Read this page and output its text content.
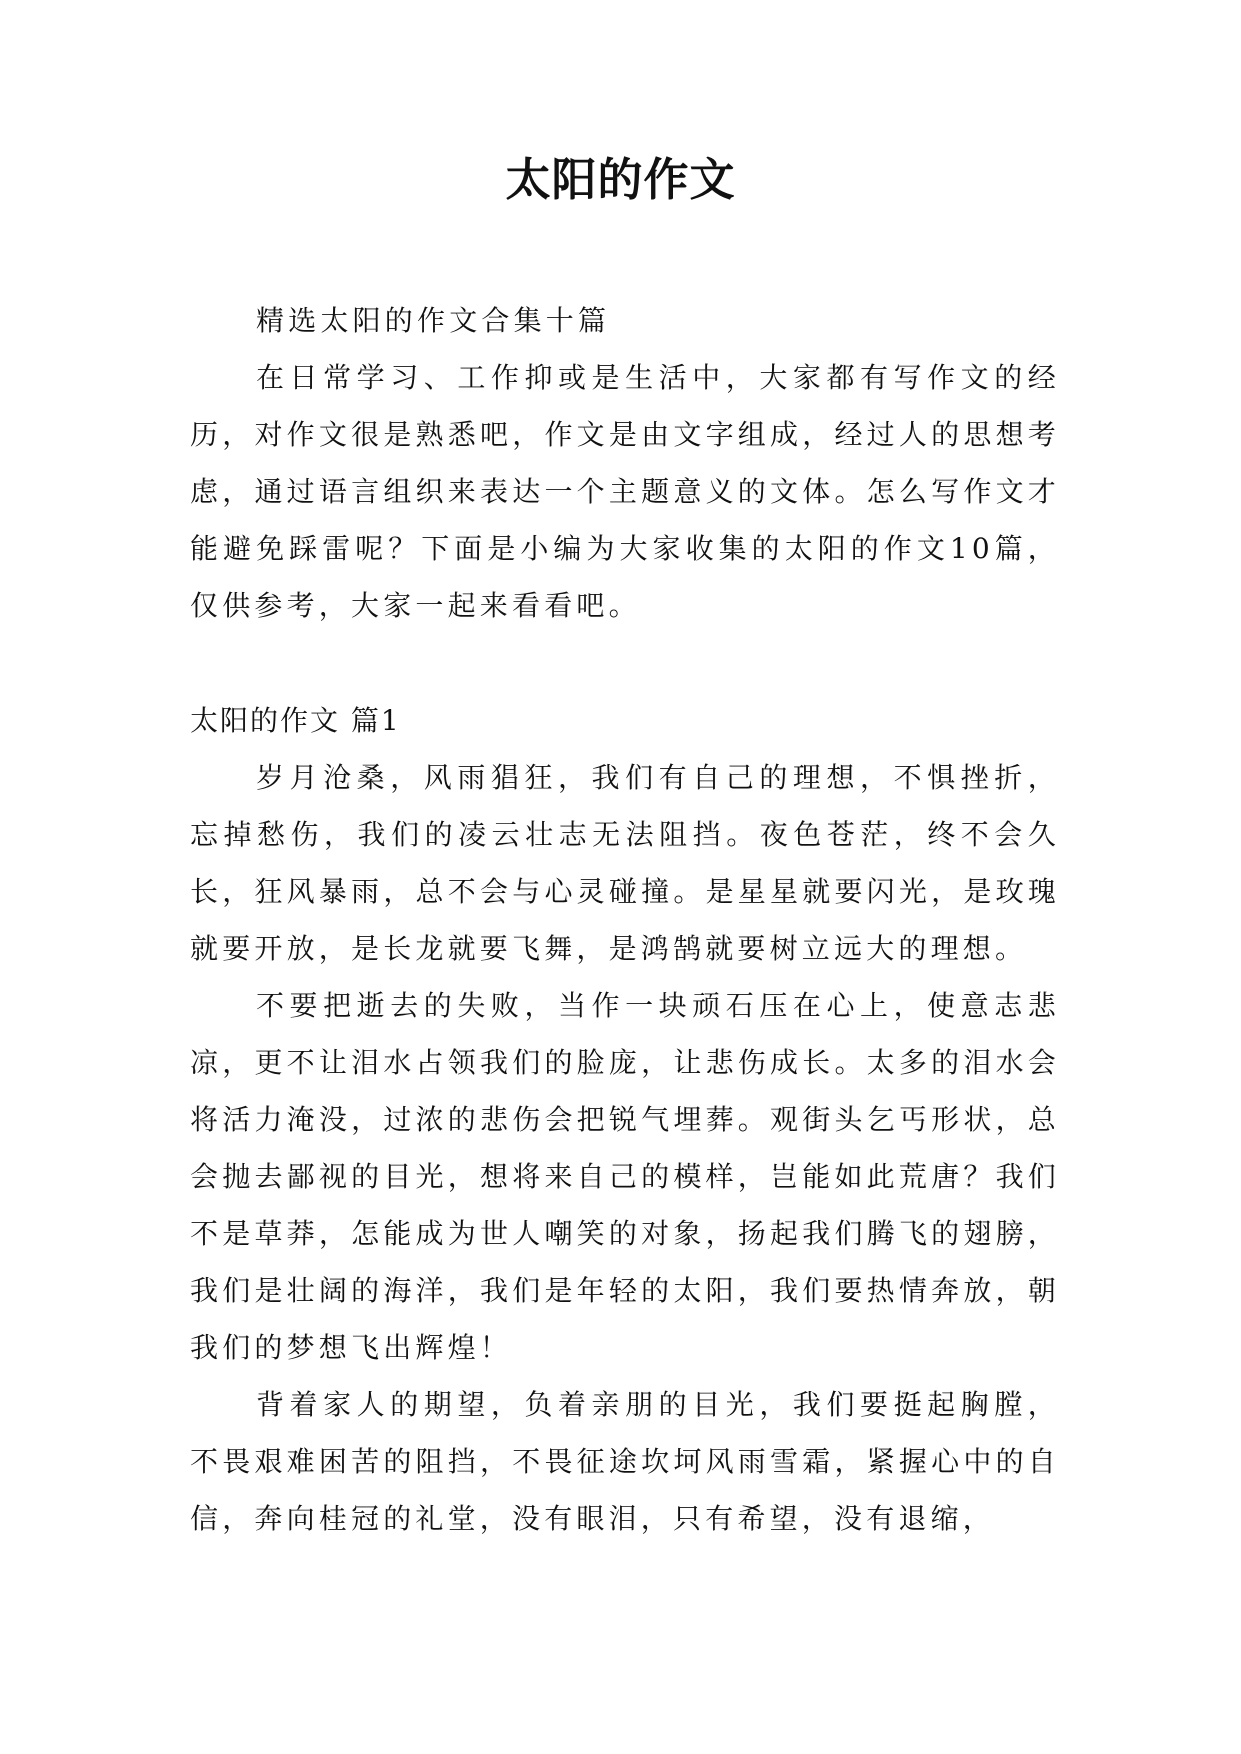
太阳的作文

精选太阳的作文合集十篇

在日常学习、工作抑或是生活中，大家都有写作文的经历，对作文很是熟悉吧，作文是由文字组成，经过人的思想考虑，通过语言组织来表达一个主题意义的文体。怎么写作文才能避免踩雷呢？下面是小编为大家收集的太阳的作文10篇，仅供参考，大家一起来看看吧。

太阳的作文 篇1

岁月沧桑，风雨猖狂，我们有自己的理想，不惧挫折，忘掉愁伤，我们的凌云壮志无法阻挡。夜色苍茫，终不会久长，狂风暴雨，总不会与心灵碰撞。是星星就要闪光，是玫瑰就要开放，是长龙就要飞舞，是鸿鹄就要树立远大的理想。

不要把逝去的失败，当作一块顽石压在心上，使意志悲凉，更不让泪水占领我们的脸庞，让悲伤成长。太多的泪水会将活力淹没，过浓的悲伤会把锐气埋葬。观街头乞丐形状，总会抛去鄙视的目光，想将来自己的模样，岂能如此荒唐？我们不是草莽，怎能成为世人嘲笑的对象，扬起我们腾飞的翅膀，我们是壮阔的海洋，我们是年轻的太阳，我们要热情奔放，朝我们的梦想飞出辉煌！

背着家人的期望，负着亲朋的目光，我们要挺起胸膛，不畏艰难困苦的阻挡，不畏征途坎坷风雨雪霜，紧握心中的自信，奔向桂冠的礼堂，没有眼泪，只有希望，没有退缩，
